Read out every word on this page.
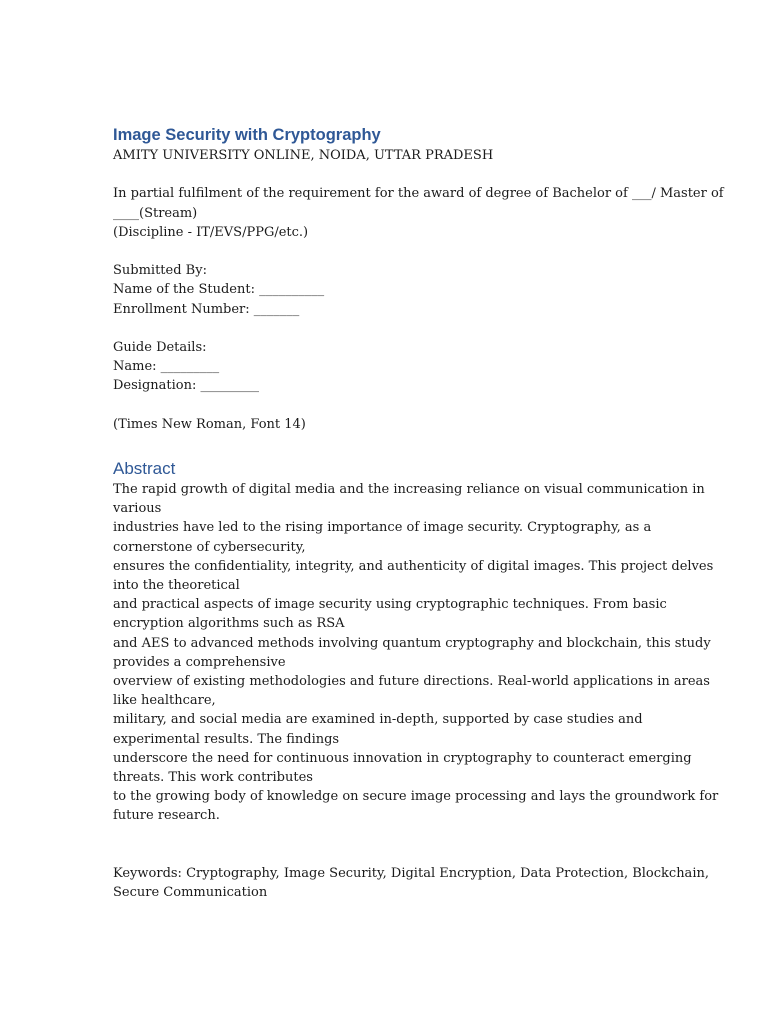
Image Security with Cryptography
AMITY UNIVERSITY ONLINE, NOIDA, UTTAR PRADESH
In partial fulfilment of the requirement for the award of degree of Bachelor of ___/ Master of
____(Stream)
(Discipline - IT/EVS/PPG/etc.)
Submitted By:
Name of the Student: __________
Enrollment Number: _______
Guide Details:
Name: _________
Designation: _________
(Times New Roman, Font 14)
Abstract
The rapid growth of digital media and the increasing reliance on visual communication in
various
industries have led to the rising importance of image security. Cryptography, as a
cornerstone of cybersecurity,
ensures the confidentiality, integrity, and authenticity of digital images. This project delves
into the theoretical
and practical aspects of image security using cryptographic techniques. From basic
encryption algorithms such as RSA
and AES to advanced methods involving quantum cryptography and blockchain, this study
provides a comprehensive
overview of existing methodologies and future directions. Real-world applications in areas
like healthcare,
military, and social media are examined in-depth, supported by case studies and
experimental results. The findings
underscore the need for continuous innovation in cryptography to counteract emerging
threats. This work contributes
to the growing body of knowledge on secure image processing and lays the groundwork for
future research.
Keywords: Cryptography, Image Security, Digital Encryption, Data Protection, Blockchain,
Secure Communication
